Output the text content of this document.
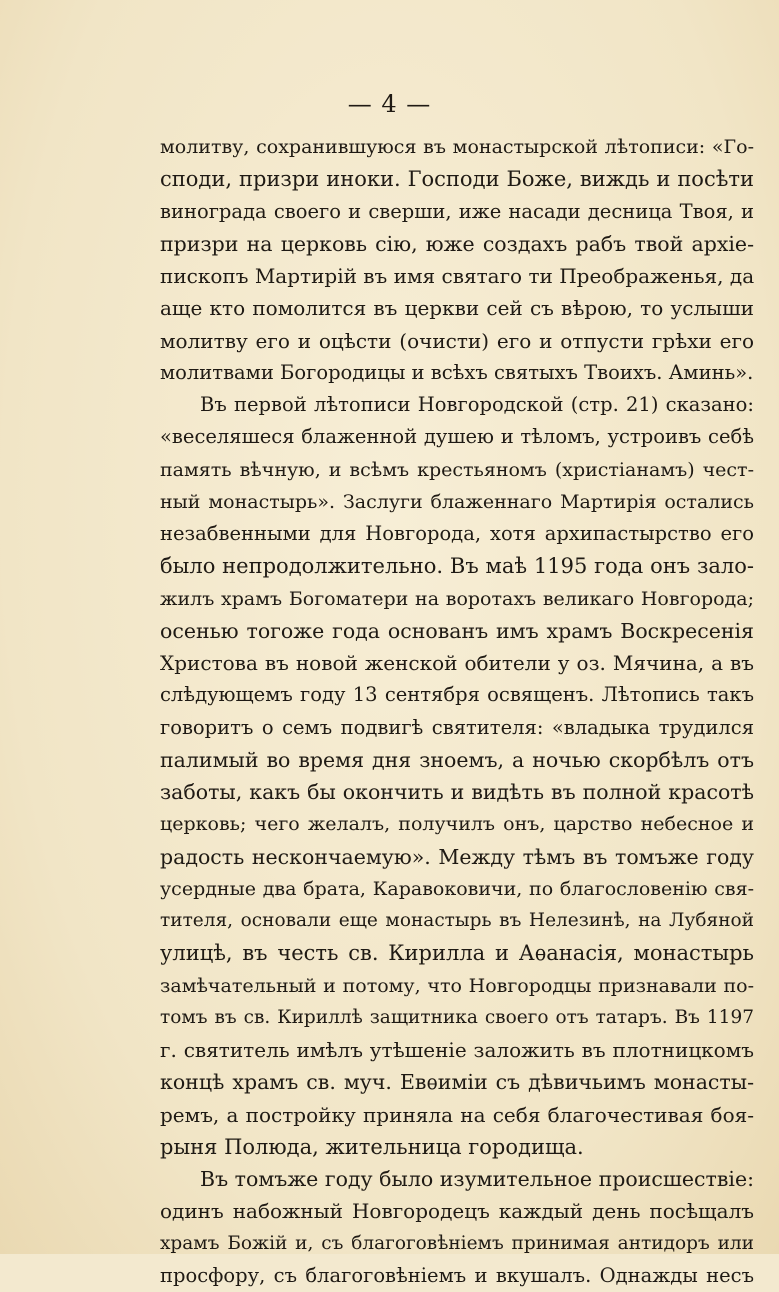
— 4 —
молитву, сохранившуюся въ монастырской лѣтописи: «Го-
споди, призри иноки. Господи Боже, виждь и посѣти
винограда своего и сверши, иже насади десница Твоя, и
призри на церковь сію, юже создахъ рабъ твой архіе-
пископъ Мартирій въ имя святаго ти Преображенья, да
аще кто помолится въ церкви сей съ вѣрою, то услыши
молитву его и оцѣсти (очисти) его и отпусти грѣхи его
молитвами Богородицы и всѣхъ святыхъ Твоихъ. Аминь».
Въ первой лѣтописи Новгородской (стр. 21) сказано:
«веселяшеся блаженной душею и тѣломъ, устроивъ себѣ
память вѣчную, и всѣмъ крестьяномъ (христіанамъ) чест-
ный монастырь». Заслуги блаженнаго Мартирія остались
незабвенными для Новгорода, хотя архипастырство его
было непродолжительно. Въ маѣ 1195 года онъ зало-
жилъ храмъ Богоматери на воротахъ великаго Новгорода;
осенью тогоже года основанъ имъ храмъ Воскресенія
Христова въ новой женской обители у оз. Мячина, а въ
слѣдующемъ году 13 сентября освященъ. Лѣтопись такъ
говоритъ о семъ подвигѣ святителя: «владыка трудился
палимый во время дня зноемъ, а ночью скорбѣлъ отъ
заботы, какъ бы окончить и видѣть въ полной красотѣ
церковь; чего желалъ, получилъ онъ, царство небесное и
радость нескончаемую». Между тѣмъ въ томъже году
усердные два брата, Каравоковичи, по благословенію свя-
тителя, основали еще монастырь въ Нелезинѣ, на Лубяной
улицѣ, въ честь св. Кирилла и Аѳанасія, монастырь
замѣчательный и потому, что Новгородцы признавали по-
томъ въ св. Кириллѣ защитника своего отъ татаръ. Въ 1197
г. святитель имѣлъ утѣшеніе заложить въ плотницкомъ
концѣ храмъ св. муч. Евѳиміи съ дѣвичьимъ монасты-
ремъ, а постройку приняла на себя благочестивая боя-
рыня Полюда, жительница городища.
Въ томъже году было изумительное происшествіе:
одинъ набожный Новгородецъ каждый день посѣщалъ
храмъ Божій и, съ благоговѣніемъ принимая антидоръ или
просфору, съ благоговѣніемъ и вкушалъ. Однажды несъ
